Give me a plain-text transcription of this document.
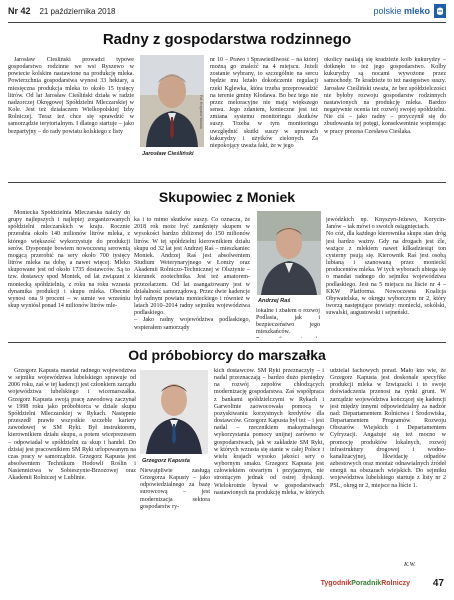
Nr 42 21 października 2018	polskie mleko
Radny z gospodarstwa rodzinnego

Jarosław Cieśliński prowadzi typowe gospodarstwo rodzinne we wsi Ryszewo w powiecie kolskim nastawione na produkcję mleka. Powierzchnia gospodarstwa wynosi 33 hektary, a miesięczna produkcja mleka to około 15 tysięcy litrów. Od lat Jarosław Cieśliński działa w radzie nadzorczej Okręgowej Spółdzielni Mleczarskiej w Kole. Jest też działaczem Wielkopolskiej Izby Rolniczej. Teraz też chce się sprawdzić w samorządzie terytorialnym. I dlatego startuje – jako bezpartyjny – do rady powiatu kolskiego z listy

Fot. Krzysztof Wasiak
Jarosław Cieśliński

nr 10 – Prawo i Sprawiedliwość – na której możną go znaleźć na 4 miejscu. Jeżeli zostanie wybrany, to szczególnie na sercu będzie mu leżało dokończenie regulacji rzeki Kglewka, która trzeba przeprowadzić na terenie gminy Kłodawa. Bo bez tego nie przez meloracyjne nie mają większego sensu. Jego zdaniem, konieczne jest też zmiana systemu monitoringu skutków suszy. Trzeba w tym monitoringu uwzględnić skutki suszy w uprawach kukurydzy i użytków zielonych. Za niepokojący uważa fakt, że w jego

okolicy nasilają się kradzieże kolb kukurydzy – dotknęło to też jego gospodarstwo. Kolby kukurydzy są nocami wywożone przez samochody. Te kradzieże to też następstwo suszy. Jarosław Cieśliński uważa, że bez spółdzielczości nie byłoby rozwoju gospodarstw rodzinnych nastawionych na produkcję mleka. Bardzo negatywnie ocenia też rozwój swojej spółdzielni. Nie ciś – jako radny – przyczynił się do zbudowania tej potęgi, konsekwentnie wspierając w pracy prezesa Czesława Cieślaka.

Skupowiec z Moniek

Moniecka Spółdzielnia Mleczarska należy do grupy najlepszych i najlepiej zorganizowanych spółdzielni mleczarskich w kraju. Rocznie przerabia około 140 milionów litrów mleka, z którego większość wykorzystuje do produkcji serów. Dysponuje bowiem nowoczesną serownią mogącą przerobić na sery około 700 tysięcy litrów mleka na dobę, a nawet więcej. Mleko skupowane jest od około 1735 dostawców. Są to tzw. dostawcy spod Moniek, od lat związani z moniecką spółdzielnią, z roku na roku wzrasta dynamika produkcji i skupu mleka. Obecnie wynosi ona 9 procent – w sumie we wrześniu skup wyniósł ponad 14 milionów litrów mle-

ka i to mimo skutków suszy. Co oznacza, że 2018 rok może być zamknięty skupem w wysokości bardzo zbliżonej do 150 milionów litrów. W tej spółdzielni kierownikiem działu skupu od 32 lat jest Andrzej Raś – mieszkaniec Moniek. Andrzej Raś jest absolwentem Studium Weterynaryjnego w Łomży oraz Akademii Rolniczo-Technicznej w Olsztynie – kierunek zootechnika. Jest też amatorem-przezelarzem. Od lat zaangażowany jest w działalność samorządową. Przez dwie kadencje był radnym powiatu monieckiego i również w latach 2010–2014 radny sejmiku województwa podlaskiego.
– Jako radny województwa podlaskiego, wspierałem samorządy

Andrzej Raś

lokalne i zbałem o rozwój Podlasia, jak i bezpieczeństwo jego mieszkańców.

jewódzkich np. Knyszyn-Jeżewo, Korycin-Janów – tak mówi o swoich osiągnięciach.
No cóż, dla każdego kierownika skupu stan dróg jest bardzo ważny. Gdy na drogach jest źle, ważące z mlekiem nawet kilkadziesiąt ton cysterny psują się. Kierownik Raś jest osobą lubianą i szanowaną przez moniecki producentów mleka. W tych wyborach ubiega się o mandat radnego do sejmiku województwa podlaskiego. Jest na 5 miejscu na liście nr 4 – KKW Platforma. Nowoczesna Koalicja Obywatelska, w okręgu wyborczym nr 2, który tworzą następujące powiaty: moniecki, sokólski, suwalski, augustowski i sejneński.

Od próbobiorcy do marszałka

Grzegorz Kapusta mandat radnego województwa w sejmiku województwa lubelskiego sprawuje od 2006 roku, zaś w tej kadencji jest członkiem zarządu województwa lubelskiego i wicemarszałka. Grzegorz Kapusta swoją pracę zawodową zaczynał w 1998 roku jako próbobiorca w dziale skupu Spółdzielni Mleczarskiej w Rykach. Następnie przeszedł prawie wszystkie szczeble kariery zawodowej w SM Ryki. Był instruktorem, kierownikiem działu skupu, a potem wiceprezesem – odpowiadał w spółdzielni za skup i handel. Do dzisiaj jest pracownikiem SM Ryki urlopowanym na czas pracy w samorządzie. Grzegorz Kapusta jest absolwentem Technikum Hodowli Roślin i Nasiennictwa w Sobieszynie-Brzozowej oraz Akademii Rolniczej w Lublinie.

Grzegorz Kapusta

Niewątpliwie zasługą Grzegorza Kapusty – jako odpowiedzialnego za bazę surowcową – jest modernizacja sektora gospodarstw ry-

kich dostawców. SM Ryki przeznaczyły – i nadal przeznaczają – bardzo dużo pieniędzy na rozwój zepołów chłodzących modernizację gospodarstwa. Zaś współpraca z bankami spółdzielczymi w Rykach i Garwolinie zaowocowała pomocą w pozyskiwaniu korzystnych kredytów dla dostawców. Grzegorz Kapusta był też – i jest nadal – rzecznikiem maksymalnego wykorzystania pomocy unijnej zarówno w gospodarstwach, jak w zakładzie SM Ryki, w których wzrasta się stanie w całej Polsce i wielu krajach wysoko jakości sery o wybornym smaku. Grzegorz Kapusta jest człowiekiem otwartym i przyjaznym, nie stroniącym jednak od ostrej dyskusji. Wielokrotnie bywał w gospodarstwach nastawionych na produkcję mleka, w których

udzielał fachowych porad. Mało kto wie, że Grzegorz Kapusta jest doskonale specyfike produkcji mleka w Izwiązacki i to swoje doświadczenia przenosi na rynki grunt. W zarządzie województwa kończącej się kadencji jest między innymi odpowiedzialny za nadzór nad: Departamentem Rolnictwa i Środowiska, Departamentem Programów Rozwoju Obszarów Wiejskich i Departamentem Cyfryzacji. Angażuje się też mocno w promocję produktów lokalnych, rozwój infrastruktury drogowej i wodno-kanalizacyjnej, likwidację odpadów azbestowych oraz montaż odnawialnych źródeł energii na obszarach wiejskich. Do sejmiku województwa lubelskiego startuje z listy nr 2 PSL, okręg nr 2, miejsce na liście 1.

K.W.
TygodnikPoradnikRolniczy 47
